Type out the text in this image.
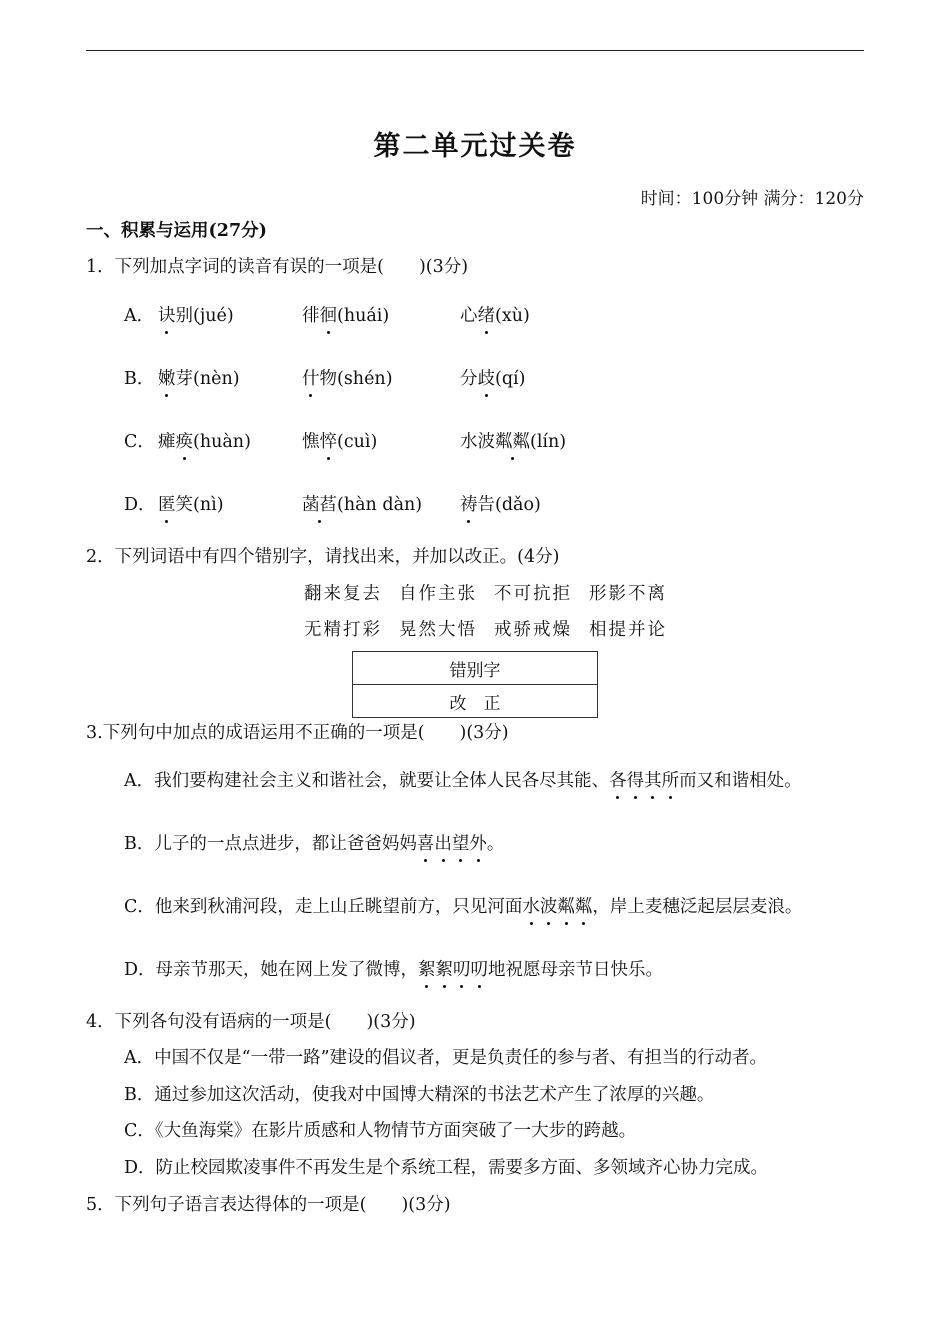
第二单元过关卷
时间：100分钟 满分：120分
一、积累与运用(27分)
1．下列加点字词的读音有误的一项是(　　)(3分)
A． 诀别(jué)	徘徊(huái)	心绪(xù)
B． 嫩芽(nèn)	什物(shén)	分歧(qí)
C． 瘫痪(huàn)	憔悴(cuì)	水波粼粼(lín)
D． 匿笑(nì)	菡萏(hàn dàn) 祷告(dǎo)
2．下列词语中有四个错别字，请找出来，并加以改正。(4分)
翻来复去 自作主张 不可抗拒 形影不离
无精打彩 晃然大悟 戒骄戒燥 相提并论
错别字
改　正
3.下列句中加点的成语运用不正确的一项是(　　)(3分)
A．我们要构建社会主义和谐社会，就要让全体人民各尽其能、各得其所而又和谐相处。
B．儿子的一点点进步，都让爸爸妈妈喜出望外。
C．他来到秋浦河段，走上山丘眺望前方，只见河面水波粼粼，岸上麦穗泛起层层麦浪。
D．母亲节那天，她在网上发了微博，絮絮叨叨地祝愿母亲节日快乐。
4．下列各句没有语病的一项是(　　)(3分)
A．中国不仅是“一带一路”建设的倡议者，更是负责任的参与者、有担当的行动者。
B．通过参加这次活动，使我对中国博大精深的书法艺术产生了浓厚的兴趣。
C．《大鱼海棠》在影片质感和人物情节方面突破了一大步的跨越。
D．防止校园欺凌事件不再发生是个系统工程，需要多方面、多领域齐心协力完成。
5．下列句子语言表达得体的一项是(　　)(3分)
